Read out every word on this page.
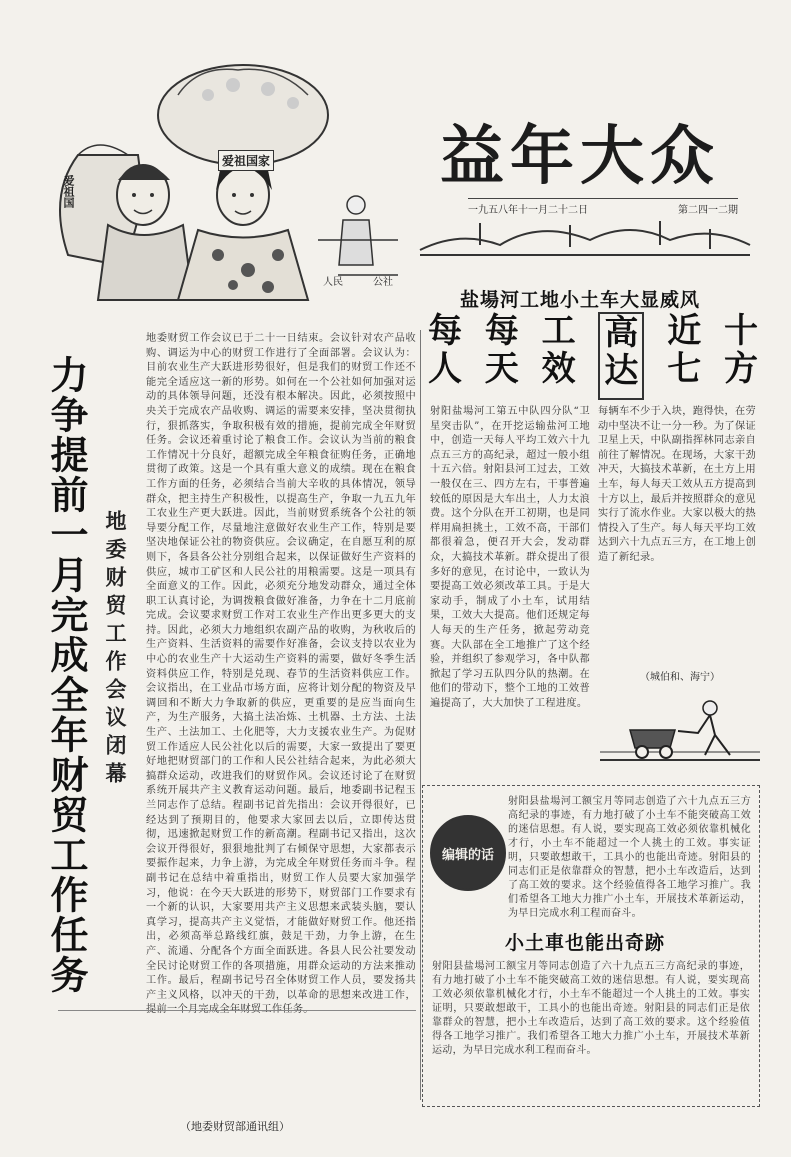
爱祖国
爱祖国家
人民	公社
益年大众
一九五八年十一月二十二日	第二四一二期
盐場河工地小土车大显威风
每
人
每
天
工
效
高
达
近
七
十
方
力争提前一月完成全年财贸工作任务 地委财贸工作会议闭幕
地委财贸工作会议已于二十一日结束。会议针对农产品收购、调运为中心的财贸工作进行了全面部署。会议认为：目前农业生产大跃进形势很好，但是我们的财贸工作还不能完全适应这一新的形势。如何在一个公社如何加强对运动的具体领导问题，还没有根本解决。因此，必须按照中央关于完成农产品收购、调运的需要来安排，坚决贯彻执行，狠抓落实，争取积极有效的措施，提前完成全年财贸任务。会议还着重讨论了粮食工作。会议认为当前的粮食工作情况十分良好，超额完成全年粮食征购任务，正确地贯彻了政策。这是一个具有重大意义的成绩。现在在粮食工作方面的任务，必须结合当前大辛收的具体情况，领导群众，把主持生产积极性，以提高生产，争取一九五九年工农业生产更大跃进。因此，当前财贸系统各个公社的领导要分配工作，尽量地注意做好农业生产工作，特别是要坚决地保证公社的物资供应。会议确定，在自愿互利的原则下，各县各公社分别组合起来，以保证做好生产资料的供应，城市工矿区和人民公社的用粮需要。这是一项具有全面意义的工作。因此，必须充分地发动群众，通过全体职工认真讨论，为调拨粮食做好准备，力争在十二月底前完成。会议要求财贸工作对工农业生产作出更多更大的支持。因此，必须大力地组织农副产品的收购，为秋收后的生产资料、生活资料的需要作好准备，会议支持以农业为中心的农业生产十大运动生产资料的需要，做好冬季生活资料供应工作，特别是兑现、春节的生活资料供应工作。会议指出，在工业品市场方面，应将计划分配的物资及早调回和不断大力争取新的供应，更重要的是应当面向生产，为生产服务，大搞土法冶炼、土机器、土方法、土法生产、土法加工、土化肥等，大力支援农业生产。为促财贸工作适应人民公社化以后的需要，大家一致提出了要更好地把财贸部门的工作和人民公社结合起来，为此必须大搞群众运动，改进我们的财贸作风。会议还讨论了在财贸系统开展共产主义教育运动问题。最后，地委副书记程玉兰同志作了总结。程副书记首先指出：会议开得很好，已经达到了预期目的，他要求大家回去以后，立即传达贯彻，迅速掀起财贸工作的新高潮。程副书记又指出，这次会议开得很好，狠狠地批判了右倾保守思想，大家都表示要振作起来，力争上游，为完成全年财贸任务而斗争。程副书记在总结中着重指出，财贸工作人员要大家加强学习，他说：在今天大跃进的形势下，财贸部门工作要求有一个新的认识，大家要用共产主义思想来武装头脑，要认真学习，提高共产主义觉悟，才能做好财贸工作。他还指出，必须高举总路线红旗，鼓足干劲，力争上游，在生产、流通、分配各个方面全面跃进。各县人民公社要发动全民讨论财贸工作的各项措施，用群众运动的方法来推动工作。最后，程副书记号召全体财贸工作人员，要发扬共产主义风格，以冲天的干劲，以革命的思想来改进工作，提前一个月完成全年财贸工作任务。
（地委财贸部通讯组）
射阳盐場河工第五中队四分队“卫星突击队”，在开挖运输盐河工地中，创造一天每人平均工效六十九点五三方的高纪录，超过一般小组十五六倍。射阳县河工过去，工效一般仅在三、四方左右，干事普遍较低的原因是大车出土，人力太浪费。这个分队在开工初期，也是同样用扁担挑土，工效不高，干部们都很着急，便召开大会，发动群众，大搞技术革新。群众提出了很多好的意见，在讨论中，一致认为要提高工效必须改革工具。于是大家动手，制成了小土车，试用结果，工效大大提高。他们还规定每人每天的生产任务，掀起劳动竞赛。大队部在全工地推广了这个经验，并组织了参观学习，各中队都掀起了学习五队四分队的热潮。在他们的带动下，整个工地的工效普遍提高了，大大加快了工程进度。
每辆车不少于入块，跑得快，在劳动中坚决不让一分一秒。为了保证卫星上天，中队副指挥林同志亲自前往了解情况。在现场，大家干劲冲天，大搞技术革新，在土方上用土车，每人每天工效从五方提高到十方以上，最后并按照群众的意见实行了流水作业。大家以极大的热情投入了生产。每人每天平均工效达到六十九点五三方，在工地上创造了新纪录。
（城伯和、海宁）
编辑的话
射阳县盐場河工额宝月等同志创造了六十九点五三方高纪录的事迹，有力地打破了小土车不能突破高工效的迷信思想。有人说，要实现高工效必须依靠机械化才行，小土车不能超过一个人挑土的工效。事实证明，只要敢想敢干，工具小的也能出奇迹。射阳县的同志们正是依靠群众的智慧，把小土车改造后，达到了高工效的要求。这个经验值得各工地学习推广。我们希望各工地大力推广小土车，开展技术革新运动，为早日完成水利工程而奋斗。
小土車也能出奇跡
射阳县盐場河工额宝月等同志创造了六十九点五三方高纪录的事迹，有力地打破了小土车不能突破高工效的迷信思想。有人说，要实现高工效必须依靠机械化才行，小土车不能超过一个人挑土的工效。事实证明，只要敢想敢干，工具小的也能出奇迹。射阳县的同志们正是依靠群众的智慧，把小土车改造后，达到了高工效的要求。这个经验值得各工地学习推广。我们希望各工地大力推广小土车，开展技术革新运动，为早日完成水利工程而奋斗。
